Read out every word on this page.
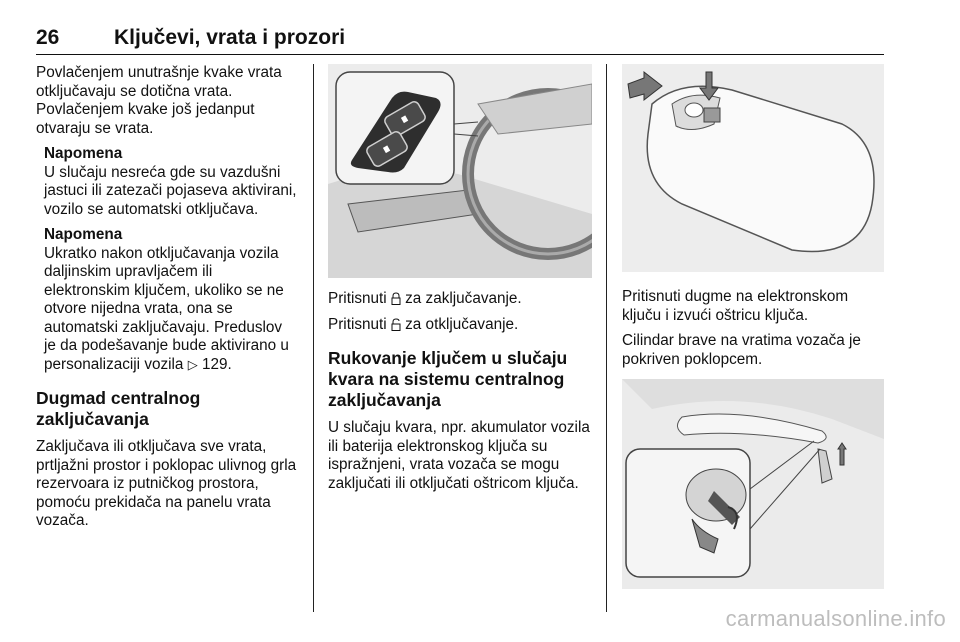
26	Ključevi, vrata i prozori

Povlačenjem unutrašnje kvake vrata otključavaju se dotična vrata. Povlačenjem kvake još jedanput otvaraju se vrata.

Napomena
U slučaju nesreća gde su vazdušni jastuci ili zatezači pojaseva aktivirani, vozilo se automatski otključava.
Napomena
Ukratko nakon otključavanja vozila daljinskim upravljačem ili elektronskim ključem, ukoliko se ne otvore nijedna vrata, ona se automatski zaključavaju. Preduslov je da podešavanje bude aktivirano u personalizaciji vozila ▷ 129.
Dugmad centralnog zaključavanja

Zaključava ili otključava sve vrata, prtljažni prostor i poklopac ulivnog grla rezervoara iz putničkog prostora, pomoću prekidača na panelu vrata vozača.

Pritisnuti za zaključavanje.

Pritisnuti za otključavanje.

Rukovanje ključem u slučaju kvara na sistemu centralnog zaključavanja

U slučaju kvara, npr. akumulator vozila ili baterija elektronskog ključa su ispražnjeni, vrata vozača se mogu zaključati ili otključati oštricom ključa.

Pritisnuti dugme na elektronskom ključu i izvući oštricu ključa.

Cilindar brave na vratima vozača je pokriven poklopcem.

carmanualsonline.info
